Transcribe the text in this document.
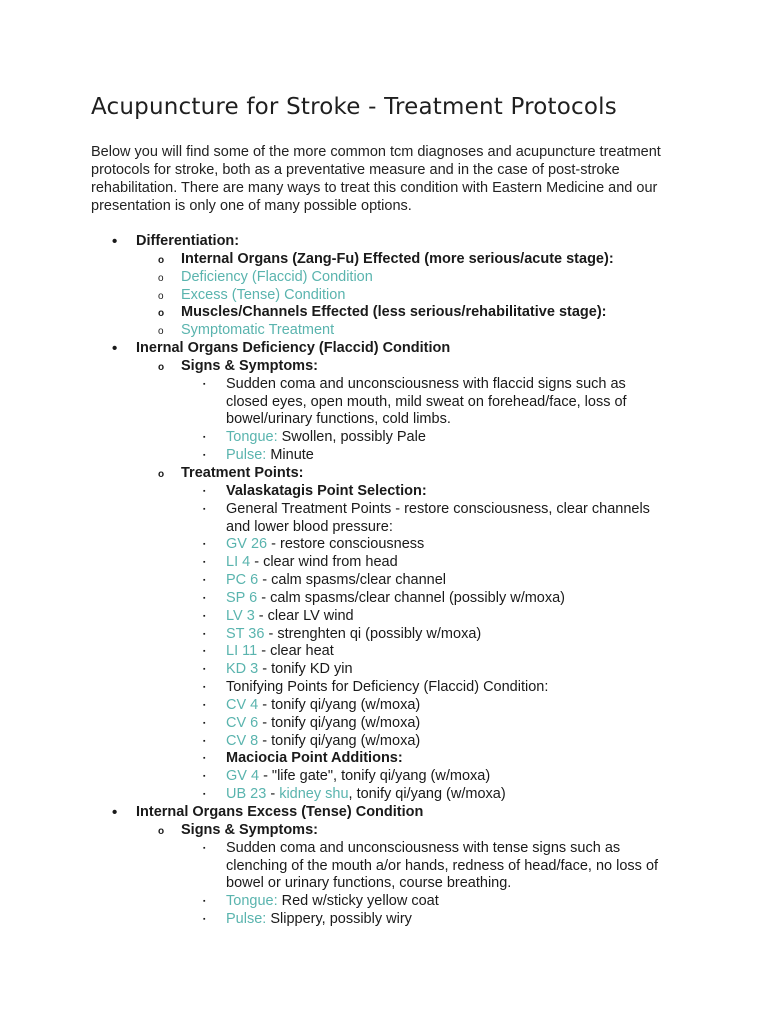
Acupuncture for Stroke - Treatment Protocols

Below you will find some of the more common tcm diagnoses and acupuncture treatment protocols for stroke, both as a preventative measure and in the case of post-stroke rehabilitation. There are many ways to treat this condition with Eastern Medicine and our presentation is only one of many possible options.

• Differentiation:
o Internal Organs (Zang-Fu) Effected (more serious/acute stage):
o Deficiency (Flaccid) Condition
o Excess (Tense) Condition
o Muscles/Channels Effected (less serious/rehabilitative stage):
o Symptomatic Treatment
• Inernal Organs Deficiency (Flaccid) Condition
o Signs & Symptoms:
▪ Sudden coma and unconsciousness with flaccid signs such as
closed eyes, open mouth, mild sweat on forehead/face, loss of
bowel/urinary functions, cold limbs.
▪ Tongue: Swollen, possibly Pale
▪ Pulse: Minute
o Treatment Points:
▪ Valaskatagis Point Selection:
▪ General Treatment Points - restore consciousness, clear channels
and lower blood pressure:
▪ GV 26 - restore consciousness
▪ LI 4 - clear wind from head
▪ PC 6 - calm spasms/clear channel
▪ SP 6 - calm spasms/clear channel (possibly w/moxa)
▪ LV 3 - clear LV wind
▪ ST 36 - strenghten qi (possibly w/moxa)
▪ LI 11 - clear heat
▪ KD 3 - tonify KD yin
▪ Tonifying Points for Deficiency (Flaccid) Condition:
▪ CV 4 - tonify qi/yang (w/moxa)
▪ CV 6 - tonify qi/yang (w/moxa)
▪ CV 8 - tonify qi/yang (w/moxa)
▪ Maciocia Point Additions:
▪ GV 4 - "life gate", tonify qi/yang (w/moxa)
▪ UB 23 - kidney shu, tonify qi/yang (w/moxa)
• Internal Organs Excess (Tense) Condition
o Signs & Symptoms:
▪ Sudden coma and unconsciousness with tense signs such as
clenching of the mouth a/or hands, redness of head/face, no loss of
bowel or urinary functions, course breathing.
▪ Tongue: Red w/sticky yellow coat
▪ Pulse: Slippery, possibly wiry
